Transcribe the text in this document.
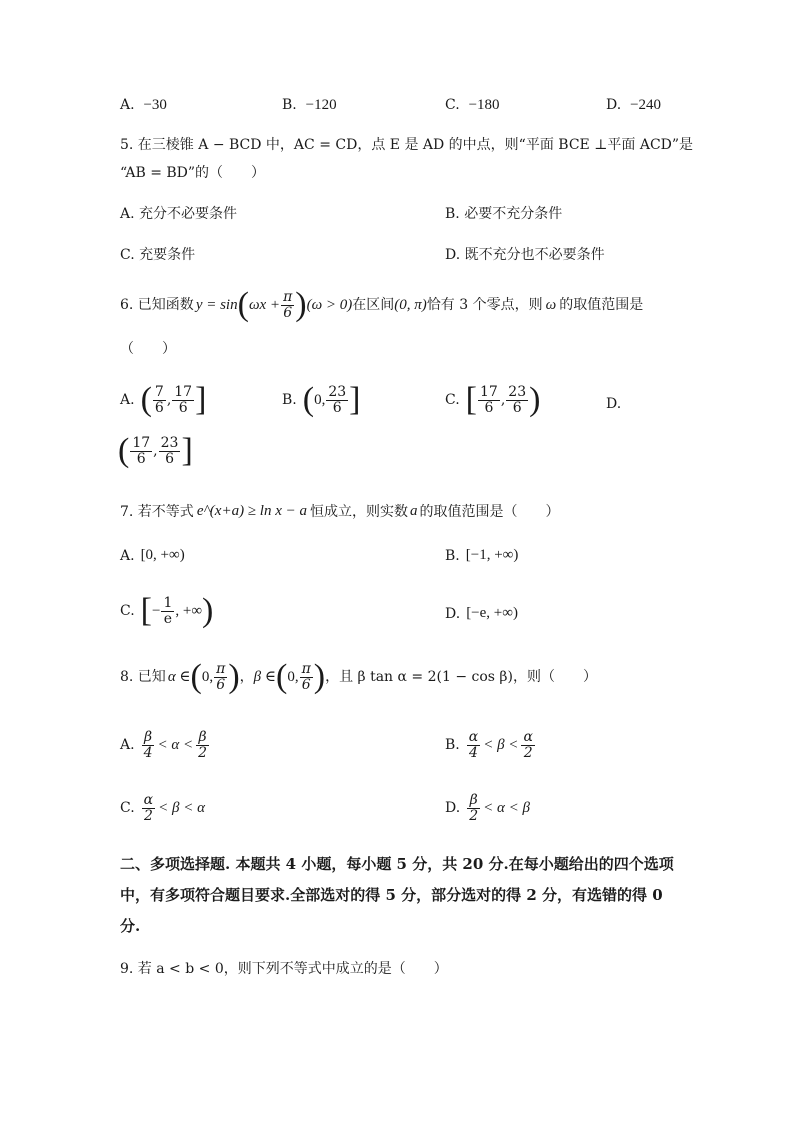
A. −30	B. −120	C. −180	D. −240
5. 在三棱锥 A − BCD 中，AC = CD，点 E 是 AD 的中点，则“平面 BCE ⊥平面 ACD”是
“AB = BD”的（　　）
A. 充分不必要条件	B. 必要不充分条件
C. 充要条件	D. 既不充分也不必要条件
6. 已知函数 y = sin ( $\omega x + \frac{\pi}{6}$ ) (ω > 0) 在区间 (0, π) 恰有 3 个零点，则 ω 的取值范围是
（　　）
A. ( $\frac{7}{6}$ , $\frac{17}{6}$ ]	B. ( 0, $\frac{23}{6}$ ]	C. [ $\frac{17}{6}$ , $\frac{23}{6}$ )	D.
( $\frac{17}{6}$ , $\frac{23}{6}$ ]
7. 若不等式 e^(x+a) ≥ ln x − a 恒成立，则实数 a 的取值范围是（　　）
A. [0, +∞)	B. [−1, +∞)
C. [ − $\frac{1}{e}$ , +∞ )	D. [−e, +∞)
8. 已知 α ∈ ( 0, $\frac{\pi}{6}$ ) ， β ∈ ( 0, $\frac{\pi}{6}$ ) ，且 β tan α = 2(1 − cos β)，则（　　）
A. $\frac{\beta}{4} < \alpha < \frac{\beta}{2}$	B. $\frac{\alpha}{4} < \beta < \frac{\alpha}{2}$
C. $\frac{\alpha}{2} < \beta < \alpha$	D. $\frac{\beta}{2} < \alpha < \beta$
二、多项选择题. 本题共 4 小题，每小题 5 分，共 20 分.在每小题给出的四个选项中，有多项符合题目要求.全部选对的得 5 分，部分选对的得 2 分，有选错的得 0 分.
9. 若 a < b < 0，则下列不等式中成立的是（　　）
